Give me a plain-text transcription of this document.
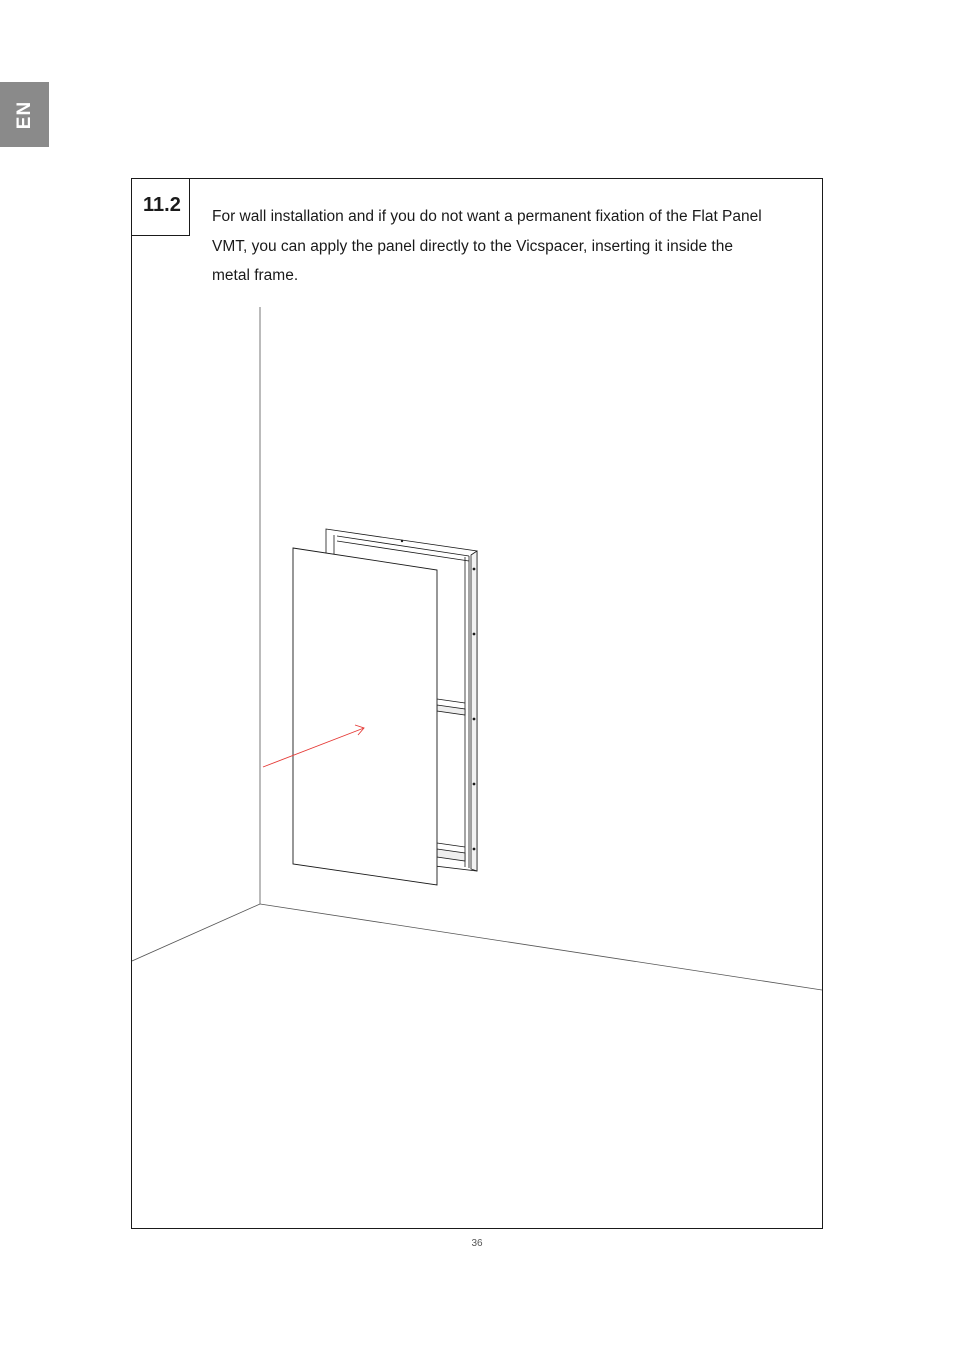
EN
11.2

For wall installation and if you do not want a permanent fixation of the Flat Panel VMT, you can apply the panel directly to the Vicspacer, inserting it inside the metal frame.

36
